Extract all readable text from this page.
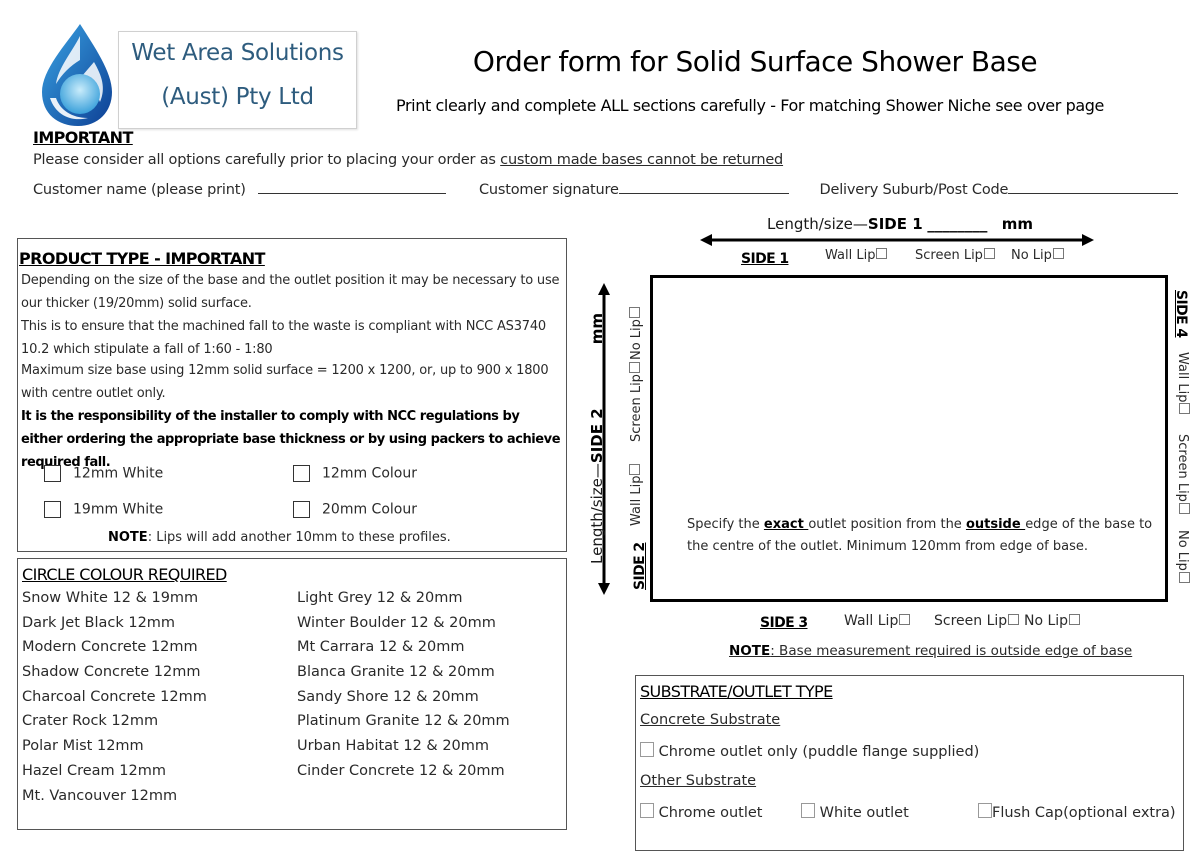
Wet Area Solutions
(Aust) Pty Ltd
Order form for Solid Surface Shower Base
Print clearly and complete ALL sections carefully - For matching Shower Niche see over page
IMPORTANT
Please consider all options carefully prior to placing your order as custom made bases cannot be returned
Customer name (please print)	Customer signature	Delivery Suburb/Post Code
PRODUCT TYPE - IMPORTANT
Depending on the size of the base and the outlet position it may be necessary to use our thicker (19/20mm) solid surface.
This is to ensure that the machined fall to the waste is compliant with NCC AS3740 10.2 which stipulate a fall of 1:60 - 1:80
Maximum size base using 12mm solid surface = 1200 x 1200, or, up to 900 x 1800 with centre outlet only.
It is the responsibility of the installer to comply with NCC regulations by either ordering the appropriate base thickness or by using packers to achieve required fall.
12mm White	12mm Colour
19mm White	20mm Colour
NOTE: Lips will add another 10mm to these profiles.
CIRCLE COLOUR REQUIRED
Snow White 12 & 19mm
Dark Jet Black 12mm
Modern Concrete 12mm
Shadow Concrete 12mm
Charcoal Concrete 12mm
Crater Rock 12mm
Polar Mist 12mm
Hazel Cream 12mm
Mt. Vancouver 12mm
Light Grey 12 & 20mm
Winter Boulder 12 & 20mm
Mt Carrara 12 & 20mm
Blanca Granite 12 & 20mm
Sandy Shore 12 & 20mm
Platinum Granite 12 & 20mm
Urban Habitat 12 & 20mm
Cinder Concrete 12 & 20mm
Length/size—SIDE 1 ________ mm
SIDE 1	Wall Lip	Screen Lip	No Lip
Specify the exact outlet position from the outside edge of the base to
the centre of the outlet. Minimum 120mm from edge of base.
Length/size—SIDE 2 ______   mm
SIDE 2
Wall Lip
Screen Lip
No Lip
SIDE 4
Wall Lip
Screen Lip
No Lip
SIDE 3	Wall Lip	Screen Lip	No Lip
NOTE: Base measurement required is outside edge of base
SUBSTRATE/OUTLET TYPE
Concrete Substrate
Chrome outlet only (puddle flange supplied)
Other Substrate
Chrome outlet	White outlet	Flush Cap(optional extra)
